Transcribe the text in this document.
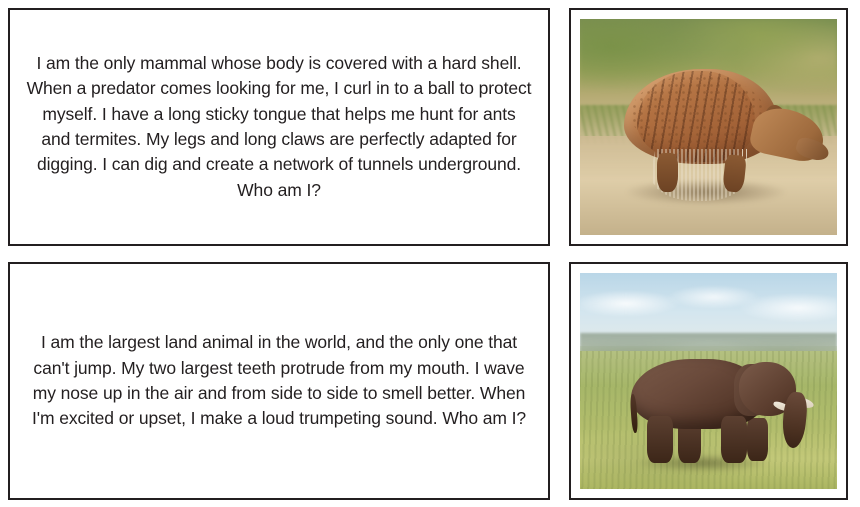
I am the only mammal whose body is covered with a hard shell. When a predator comes looking for me, I curl in to a ball to protect myself. I have a long sticky tongue that helps me hunt for ants and termites. My legs and long claws are perfectly adapted for digging. I can dig and create a network of tunnels underground.
Who am I?
I am the largest land animal in the world, and the only one that can't jump. My two largest teeth protrude from my mouth. I wave my nose up in the air and from side to side to smell better. When I'm excited or upset, I make a loud trumpeting sound. Who am I?
